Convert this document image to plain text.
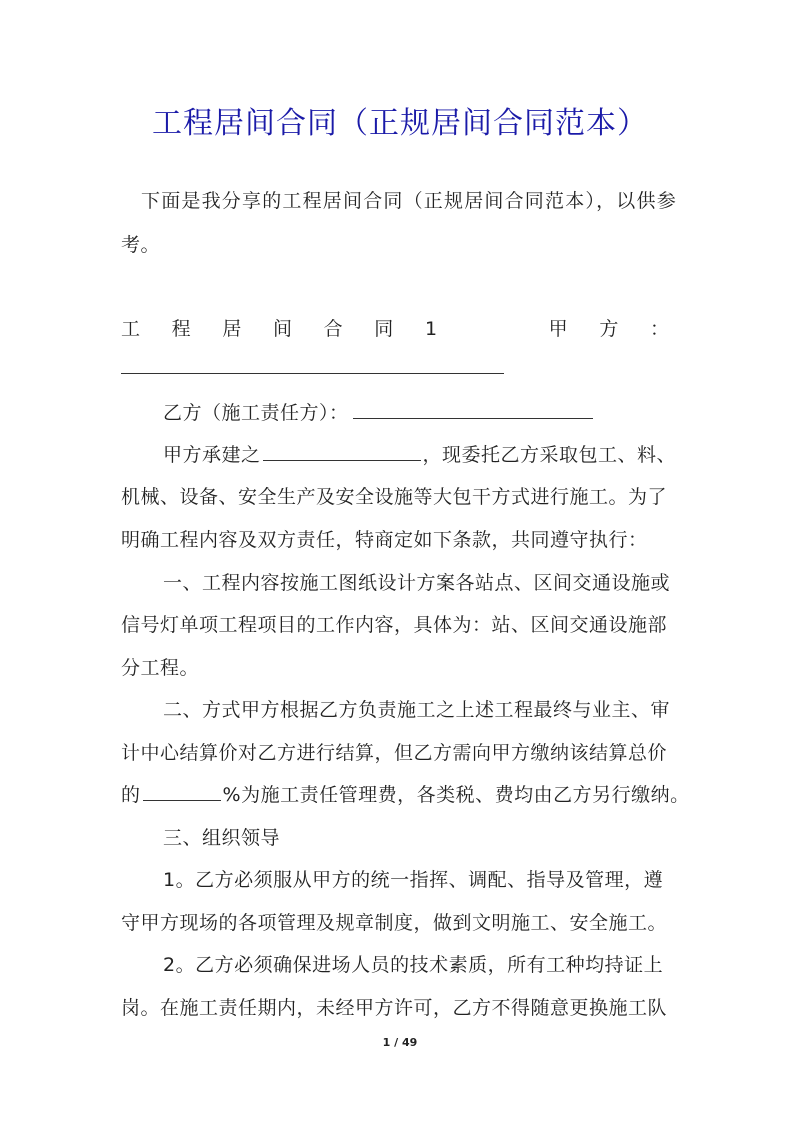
工程居间合同（正规居间合同范本）
下面是我分享的工程居间合同（正规居间合同范本），以供参
考。
工 程 居 间 合 同 1	甲 方 ：
乙方（施工责任方）：
甲方承建之	，现委托乙方采取包工、料、
机械、设备、安全生产及安全设施等大包干方式进行施工。为了
明确工程内容及双方责任，特商定如下条款，共同遵守执行：
一、工程内容按施工图纸设计方案各站点、区间交通设施或
信号灯单项工程项目的工作内容，具体为：站、区间交通设施部
分工程。
二、方式甲方根据乙方负责施工之上述工程最终与业主、审
计中心结算价对乙方进行结算，但乙方需向甲方缴纳该结算总价
的	%为施工责任管理费，各类税、费均由乙方另行缴纳。
三、组织领导
1。乙方必须服从甲方的统一指挥、调配、指导及管理，遵
守甲方现场的各项管理及规章制度，做到文明施工、安全施工。
2。乙方必须确保进场人员的技术素质，所有工种均持证上
岗。在施工责任期内，未经甲方许可，乙方不得随意更换施工队
1 / 49
